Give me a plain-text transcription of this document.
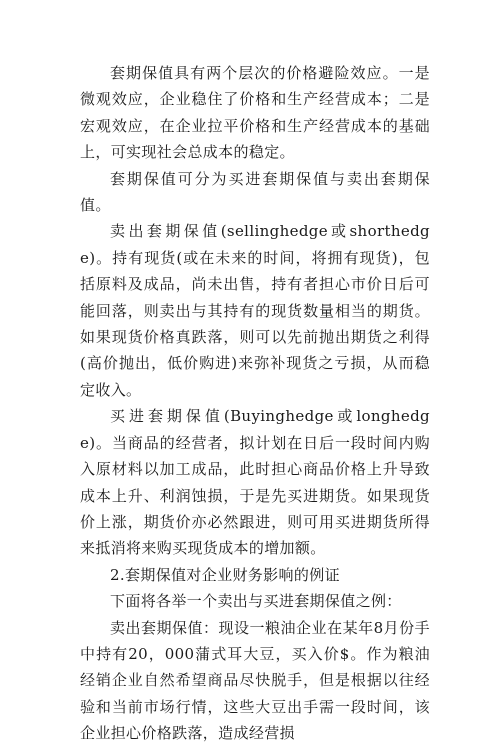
套期保值具有两个层次的价格避险效应。一是微观效应，企业稳住了价格和生产经营成本；二是宏观效应，在企业拉平价格和生产经营成本的基础上，可实现社会总成本的稳定。

套期保值可分为买进套期保值与卖出套期保值。

卖出套期保值(sellinghedge或shorthedge)。持有现货(或在未来的时间，将拥有现货)，包括原料及成品，尚未出售，持有者担心市价日后可能回落，则卖出与其持有的现货数量相当的期货。如果现货价格真跌落，则可以先前抛出期货之利得(高价抛出，低价购进)来弥补现货之亏损，从而稳定收入。

买进套期保值(Buyinghedge或longhedge)。当商品的经营者，拟计划在日后一段时间内购入原材料以加工成品，此时担心商品价格上升导致成本上升、利润蚀损，于是先买进期货。如果现货价上涨，期货价亦必然跟进，则可用买进期货所得来抵消将来购买现货成本的增加额。

2.套期保值对企业财务影响的例证

下面将各举一个卖出与买进套期保值之例：

卖出套期保值：现设一粮油企业在某年8月份手中持有20，000蒲式耳大豆，买入价$。作为粮油经销企业自然希望商品尽快脱手，但是根据以往经验和当前市场行情，这些大豆出手需一段时间，该企业担心价格跌落，造成经营损
